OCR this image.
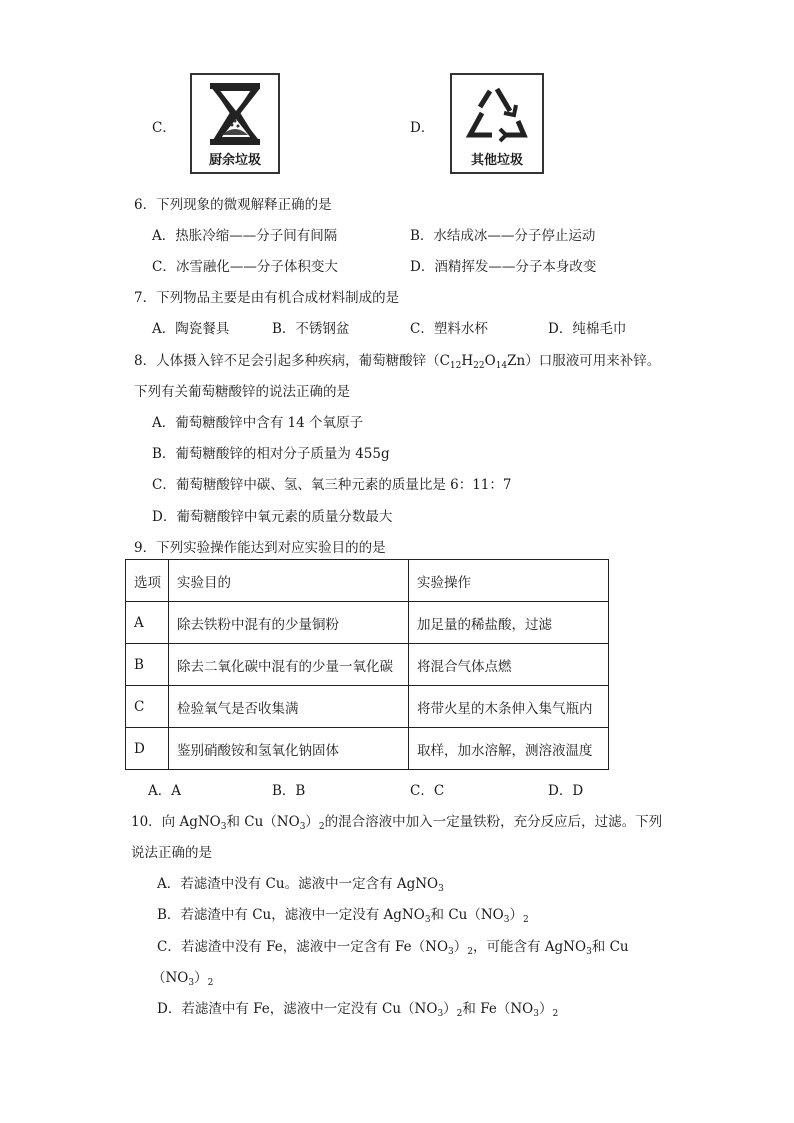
C．
厨余垃圾
D．
其他垃圾
6．下列现象的微观解释正确的是
A．热胀冷缩——分子间有间隔	B．水结成冰——分子停止运动
C．冰雪融化——分子体积变大	D．酒精挥发——分子本身改变
7．下列物品主要是由有机合成材料制成的是
A．陶瓷餐具	B．不锈钢盆	C．塑料水杯	D．纯棉毛巾
8．人体摄入锌不足会引起多种疾病，葡萄糖酸锌$(C_{12}H_{22}O_{14}Zn)$口服液可用来补锌。
下列有关葡萄糖酸锌的说法正确的是
A．葡萄糖酸锌中含有 14 个氧原子
B．葡萄糖酸锌的相对分子质量为 455g
C．葡萄糖酸锌中碳、氢、氧三种元素的质量比是 6：11：7
D．葡萄糖酸锌中氧元素的质量分数最大
9．下列实验操作能达到对应实验目的的是
选项	实验目的	实验操作
A	除去铁粉中混有的少量铜粉	加足量的稀盐酸，过滤
B	除去二氧化碳中混有的少量一氧化碳	将混合气体点燃
C	检验氧气是否收集满	将带火星的木条伸入集气瓶内
D	鉴别硝酸铵和氢氧化钠固体	取样，加水溶解，测溶液温度
A．A	B．B	C．C	D．D
10．向 AgNO$_3$和 $Cu(NO_3)_2$的混合溶液中加入一定量铁粉，充分反应后，过滤。下列
说法正确的是
A．若滤渣中没有 Cu。滤液中一定含有 AgNO$_3$
B．若滤渣中有 Cu，滤液中一定没有 AgNO$_3$和 $Cu(NO_3)_2$
C．若滤渣中没有 Fe，滤液中一定含有 $Fe(NO_3)_2$，可能含有 AgNO$_3$和 Cu
$(NO_3)_2$
D．若滤渣中有 Fe，滤液中一定没有 $Cu(NO_3)_2$和 $Fe(NO_3)_2$
